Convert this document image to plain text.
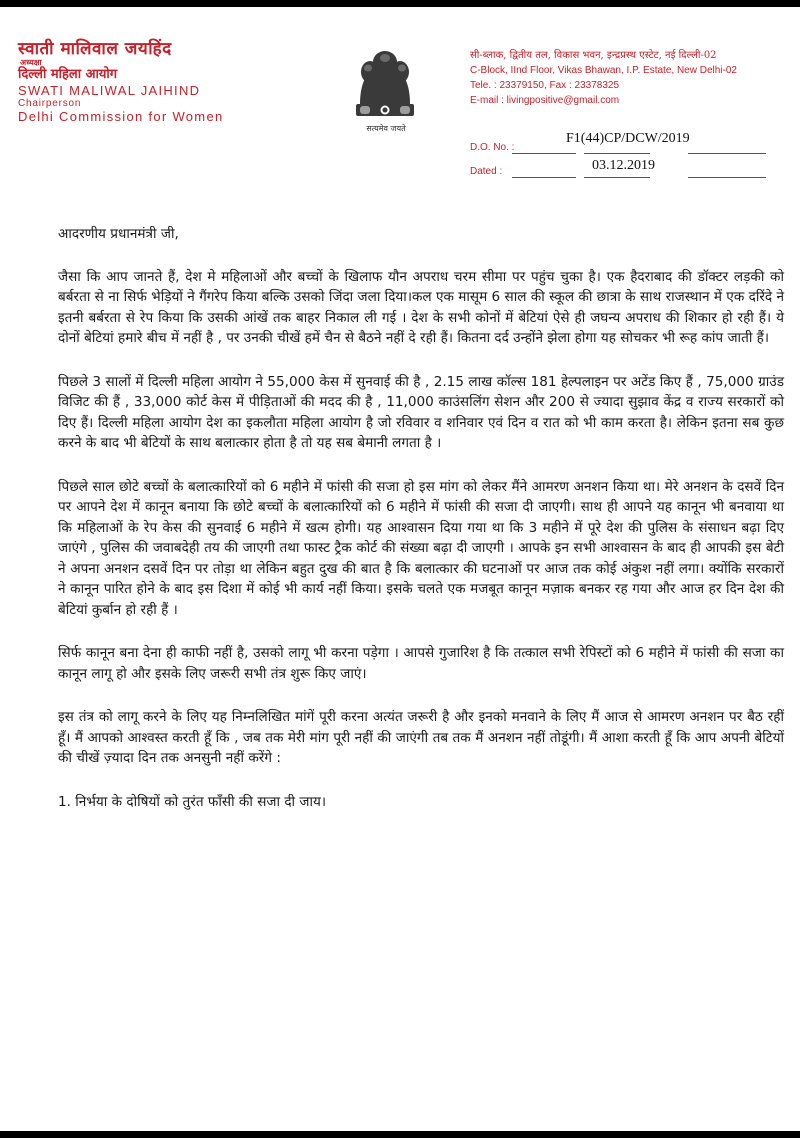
स्वाती मालिवाल जयहिंद
अध्यक्षा
दिल्ली महिला आयोग
SWATI MALIWAL JAIHIND
Chairperson
Delhi Commission for Women
सत्यमेव जयते
सी-ब्लाक, द्वितीय तल, विकास भवन, इन्द्रप्रस्थ एस्टेट, नई दिल्ली-02
C-Block, IInd Floor, Vikas Bhawan, I.P. Estate, New Delhi-02
Tele. : 23379150, Fax : 23378325
E-mail : livingpositive@gmail.com
D.O. No. :
F1(44)CP/DCW/2019
Dated :	03.12.2019

आदरणीय प्रधानमंत्री जी,

जैसा कि आप जानते हैं, देश मे महिलाओं और बच्चों के खिलाफ यौन अपराध चरम सीमा पर पहुंच चुका है। एक हैदराबाद की डॉक्टर लड़की को बर्बरता से ना सिर्फ भेड़ियों ने गैंगरेप किया बल्कि उसको जिंदा जला दिया।कल एक मासूम 6 साल की स्कूल की छात्रा के साथ राजस्थान में एक दरिंदे ने इतनी बर्बरता से रेप किया कि उसकी आंखें तक बाहर निकाल ली गई । देश के सभी कोनों में बेटियां ऐसे ही जघन्य अपराध की शिकार हो रही हैं। ये दोनों बेटियां हमारे बीच में नहीं है , पर उनकी चीखें हमें चैन से बैठने नहीं दे रही हैं। कितना दर्द उन्होंने झेला होगा यह सोचकर भी रूह कांप जाती हैं।

पिछले 3 सालों में दिल्ली महिला आयोग ने 55,000 केस में सुनवाई की है , 2.15 लाख कॉल्स 181 हेल्पलाइन पर अटेंड किए हैं , 75,000 ग्राउंड विजिट की हैं , 33,000 कोर्ट केस में पीड़िताओं की मदद की है , 11,000 काउंसलिंग सेशन और 200 से ज्यादा सुझाव केंद्र व राज्य सरकारों को दिए हैं। दिल्ली महिला आयोग देश का इकलौता महिला आयोग है जो रविवार व शनिवार एवं दिन व रात को भी काम करता है। लेकिन इतना सब कुछ करने के बाद भी बेटियों के साथ बलात्कार होता है तो यह सब बेमानी लगता है ।

पिछले साल छोटे बच्चों के बलात्कारियों को 6 महीने में फांसी की सजा हो इस मांग को लेकर मैंने आमरण अनशन किया था। मेरे अनशन के दसवें दिन पर आपने देश में कानून बनाया कि छोटे बच्चों के बलात्कारियों को 6 महीने में फांसी की सजा दी जाएगी। साथ ही आपने यह कानून भी बनवाया था कि महिलाओं के रेप केस की सुनवाई 6 महीने में खत्म होगी। यह आश्वासन दिया गया था कि 3 महीने में पूरे देश की पुलिस के संसाधन बढ़ा दिए जाएंगे , पुलिस की जवाबदेही तय की जाएगी तथा फास्ट ट्रैक कोर्ट की संख्या बढ़ा दी जाएगी । आपके इन सभी आश्वासन के बाद ही आपकी इस बेटी ने अपना अनशन दसवें दिन पर तोड़ा था लेकिन बहुत दुख की बात है कि बलात्कार की घटनाओं पर आज तक कोई अंकुश नहीं लगा। क्योंकि सरकारों ने कानून पारित होने के बाद इस दिशा में कोई भी कार्य नहीं किया। इसके चलते एक मजबूत कानून मज़ाक बनकर रह गया और आज हर दिन देश की बेटियां कुर्बान हो रही हैं ।

सिर्फ कानून बना देना ही काफी नहीं है, उसको लागू भी करना पड़ेगा । आपसे गुजारिश है कि तत्काल सभी रेपिस्टों को 6 महीने में फांसी की सजा का कानून लागू हो और इसके लिए जरूरी सभी तंत्र शुरू किए जाएं।

इस तंत्र को लागू करने के लिए यह निम्नलिखित मांगें पूरी करना अत्यंत जरूरी है और इनको मनवाने के लिए मैं आज से आमरण अनशन पर बैठ रहीं हूँ। मैं आपको आश्वस्त करती हूँ कि , जब तक मेरी मांग पूरी नहीं की जाएंगी तब तक मैं अनशन नहीं तोडूंगी। मैं आशा करती हूँ कि आप अपनी बेटियों की चीखें ज़्यादा दिन तक अनसुनी नहीं करेंगे :

1. निर्भया के दोषियों को तुरंत फाँसी की सजा दी जाय।
